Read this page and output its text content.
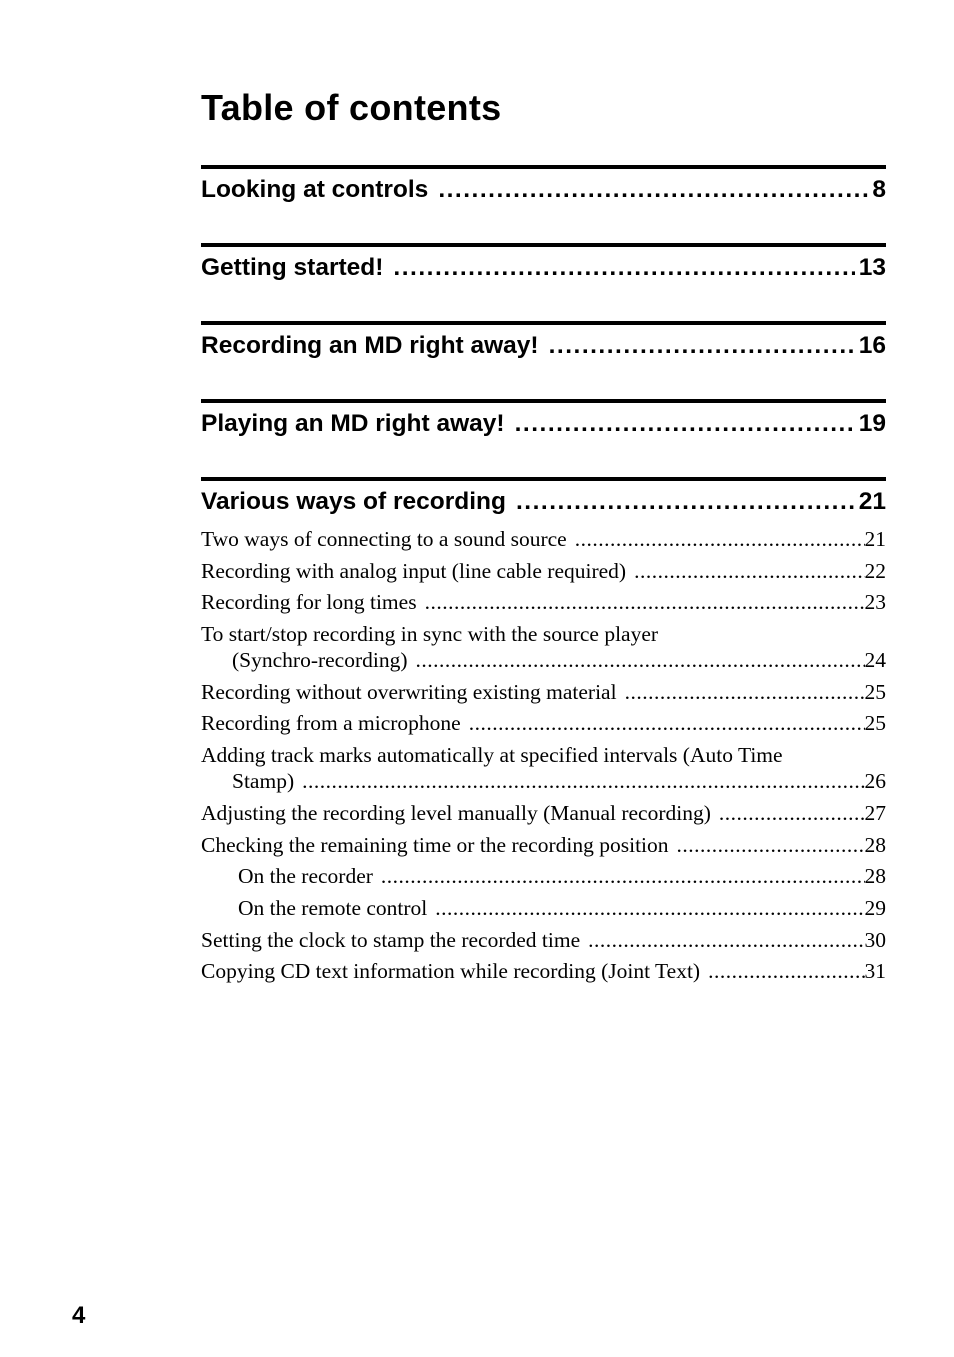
Table of contents
Looking at controls .....	8
Getting started! .....	13
Recording an MD right away! .....	16
Playing an MD right away! .....	19
Various ways of recording .....	21
Two ways of connecting to a sound source .....	21
Recording with analog input (line cable required) .....	22
Recording for long times .....	23
To start/stop recording in sync with the source player
(Synchro-recording) .....	24
Recording without overwriting existing material .....	25
Recording from a microphone .....	25
Adding track marks automatically at specified intervals (Auto Time
Stamp) .....	26
Adjusting the recording level manually (Manual recording) .....	27
Checking the remaining time or the recording position .....	28
On the recorder .....	28
On the remote control .....	29
Setting the clock to stamp the recorded time .....	30
Copying CD text information while recording (Joint Text) .....	31
4
